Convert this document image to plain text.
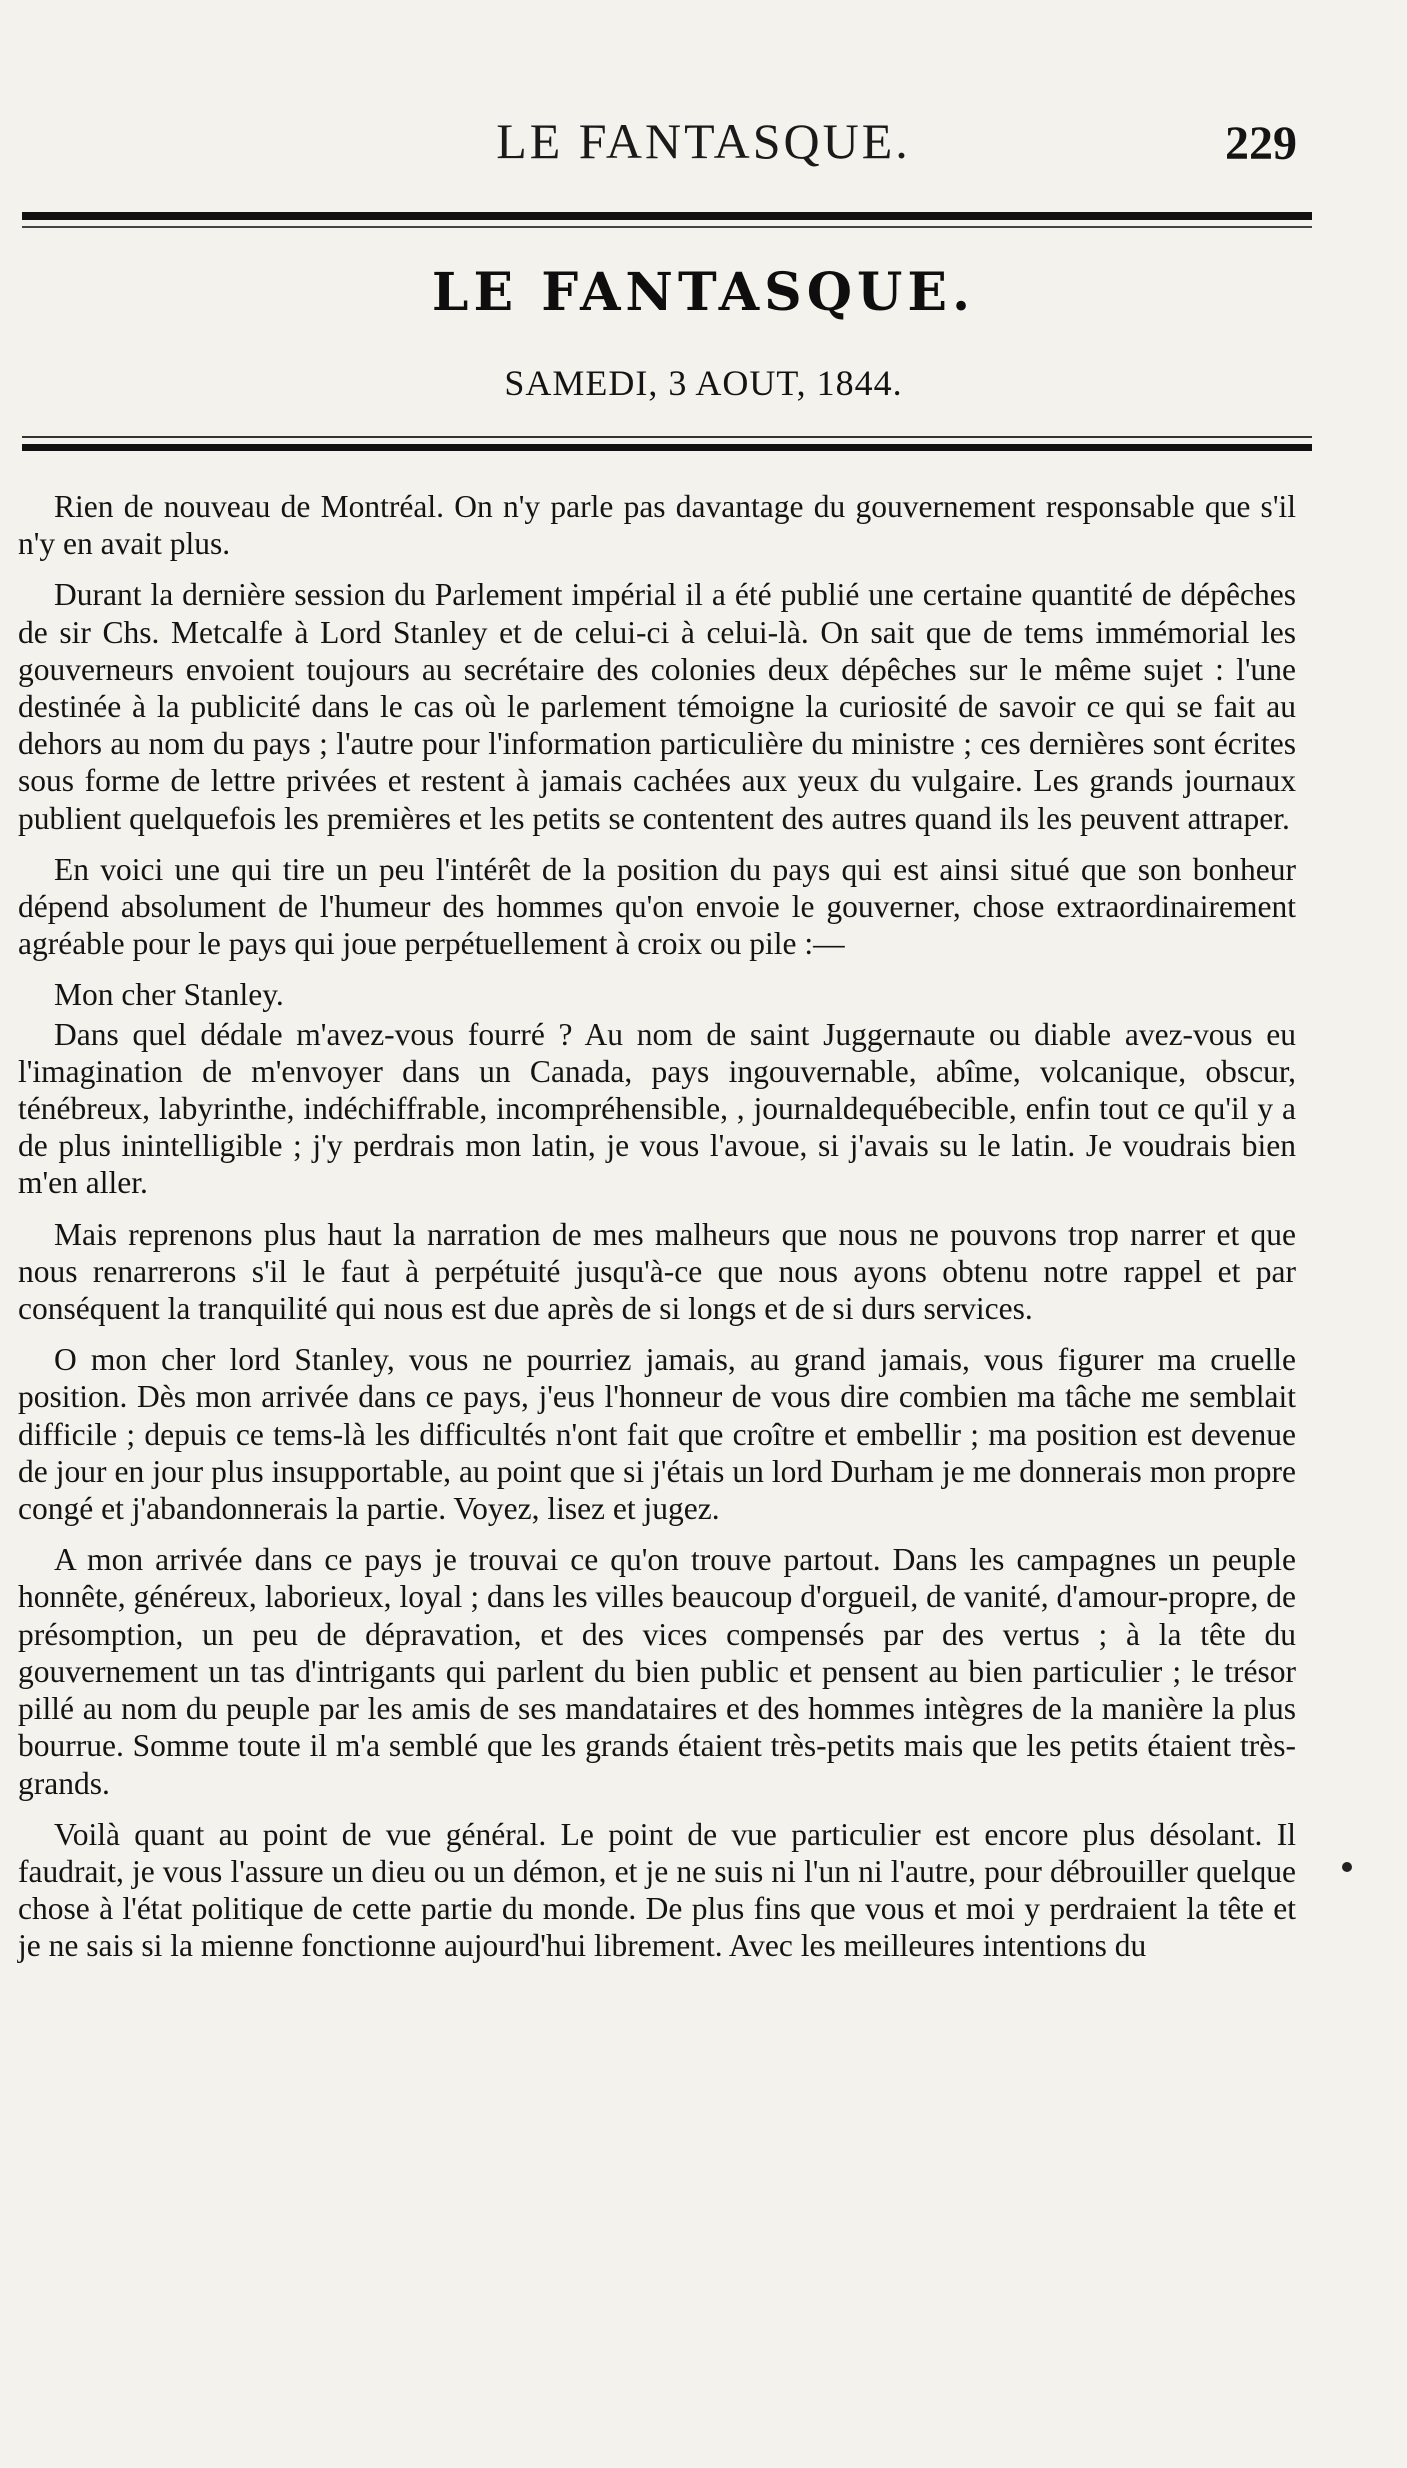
LE FANTASQUE.	229
LE FANTASQUE.
SAMEDI, 3 AOUT, 1844.

Rien de nouveau de Montréal. On n'y parle pas davantage du gouvernement responsable que s'il n'y en avait plus.

Durant la dernière session du Parlement impérial il a été publié une certaine quantité de dépêches de sir Chs. Metcalfe à Lord Stanley et de celui-ci à celui-là. On sait que de tems immémorial les gouverneurs envoient toujours au secrétaire des colonies deux dépêches sur le même sujet : l'une destinée à la publicité dans le cas où le parlement témoigne la curiosité de savoir ce qui se fait au dehors au nom du pays ; l'autre pour l'information particulière du ministre ; ces dernières sont écrites sous forme de lettre privées et restent à jamais cachées aux yeux du vulgaire. Les grands journaux publient quelquefois les premières et les petits se contentent des autres quand ils les peuvent attraper.

En voici une qui tire un peu l'intérêt de la position du pays qui est ainsi situé que son bonheur dépend absolument de l'humeur des hommes qu'on envoie le gouverner, chose extraordinairement agréable pour le pays qui joue perpétuellement à croix ou pile :—

Mon cher Stanley.

Dans quel dédale m'avez-vous fourré ? Au nom de saint Juggernaute ou diable avez-vous eu l'imagination de m'envoyer dans un Canada, pays ingouvernable, abîme, volcanique, obscur, ténébreux, labyrinthe, indéchiffrable, incompréhensible, , journaldequébecible, enfin tout ce qu'il y a de plus inintelligible ; j'y perdrais mon latin, je vous l'avoue, si j'avais su le latin. Je voudrais bien m'en aller.

Mais reprenons plus haut la narration de mes malheurs que nous ne pouvons trop narrer et que nous renarrerons s'il le faut à perpétuité jusqu'à-ce que nous ayons obtenu notre rappel et par conséquent la tranquilité qui nous est due après de si longs et de si durs services.

O mon cher lord Stanley, vous ne pourriez jamais, au grand jamais, vous figurer ma cruelle position. Dès mon arrivée dans ce pays, j'eus l'honneur de vous dire combien ma tâche me semblait difficile ; depuis ce tems-là les difficultés n'ont fait que croître et embellir ; ma position est devenue de jour en jour plus insupportable, au point que si j'étais un lord Durham je me donnerais mon propre congé et j'abandonnerais la partie. Voyez, lisez et jugez.

A mon arrivée dans ce pays je trouvai ce qu'on trouve partout. Dans les campagnes un peuple honnête, généreux, laborieux, loyal ; dans les villes beaucoup d'orgueil, de vanité, d'amour-propre, de présomption, un peu de dépravation, et des vices compensés par des vertus ; à la tête du gouvernement un tas d'intrigants qui parlent du bien public et pensent au bien particulier ; le trésor pillé au nom du peuple par les amis de ses mandataires et des hommes intègres de la manière la plus bourrue. Somme toute il m'a semblé que les grands étaient très-petits mais que les petits étaient très-grands.

Voilà quant au point de vue général. Le point de vue particulier est encore plus désolant. Il faudrait, je vous l'assure un dieu ou un démon, et je ne suis ni l'un ni l'autre, pour débrouiller quelque chose à l'état politique de cette partie du monde. De plus fins que vous et moi y perdraient la tête et je ne sais si la mienne fonctionne aujourd'hui librement. Avec les meilleures intentions du
